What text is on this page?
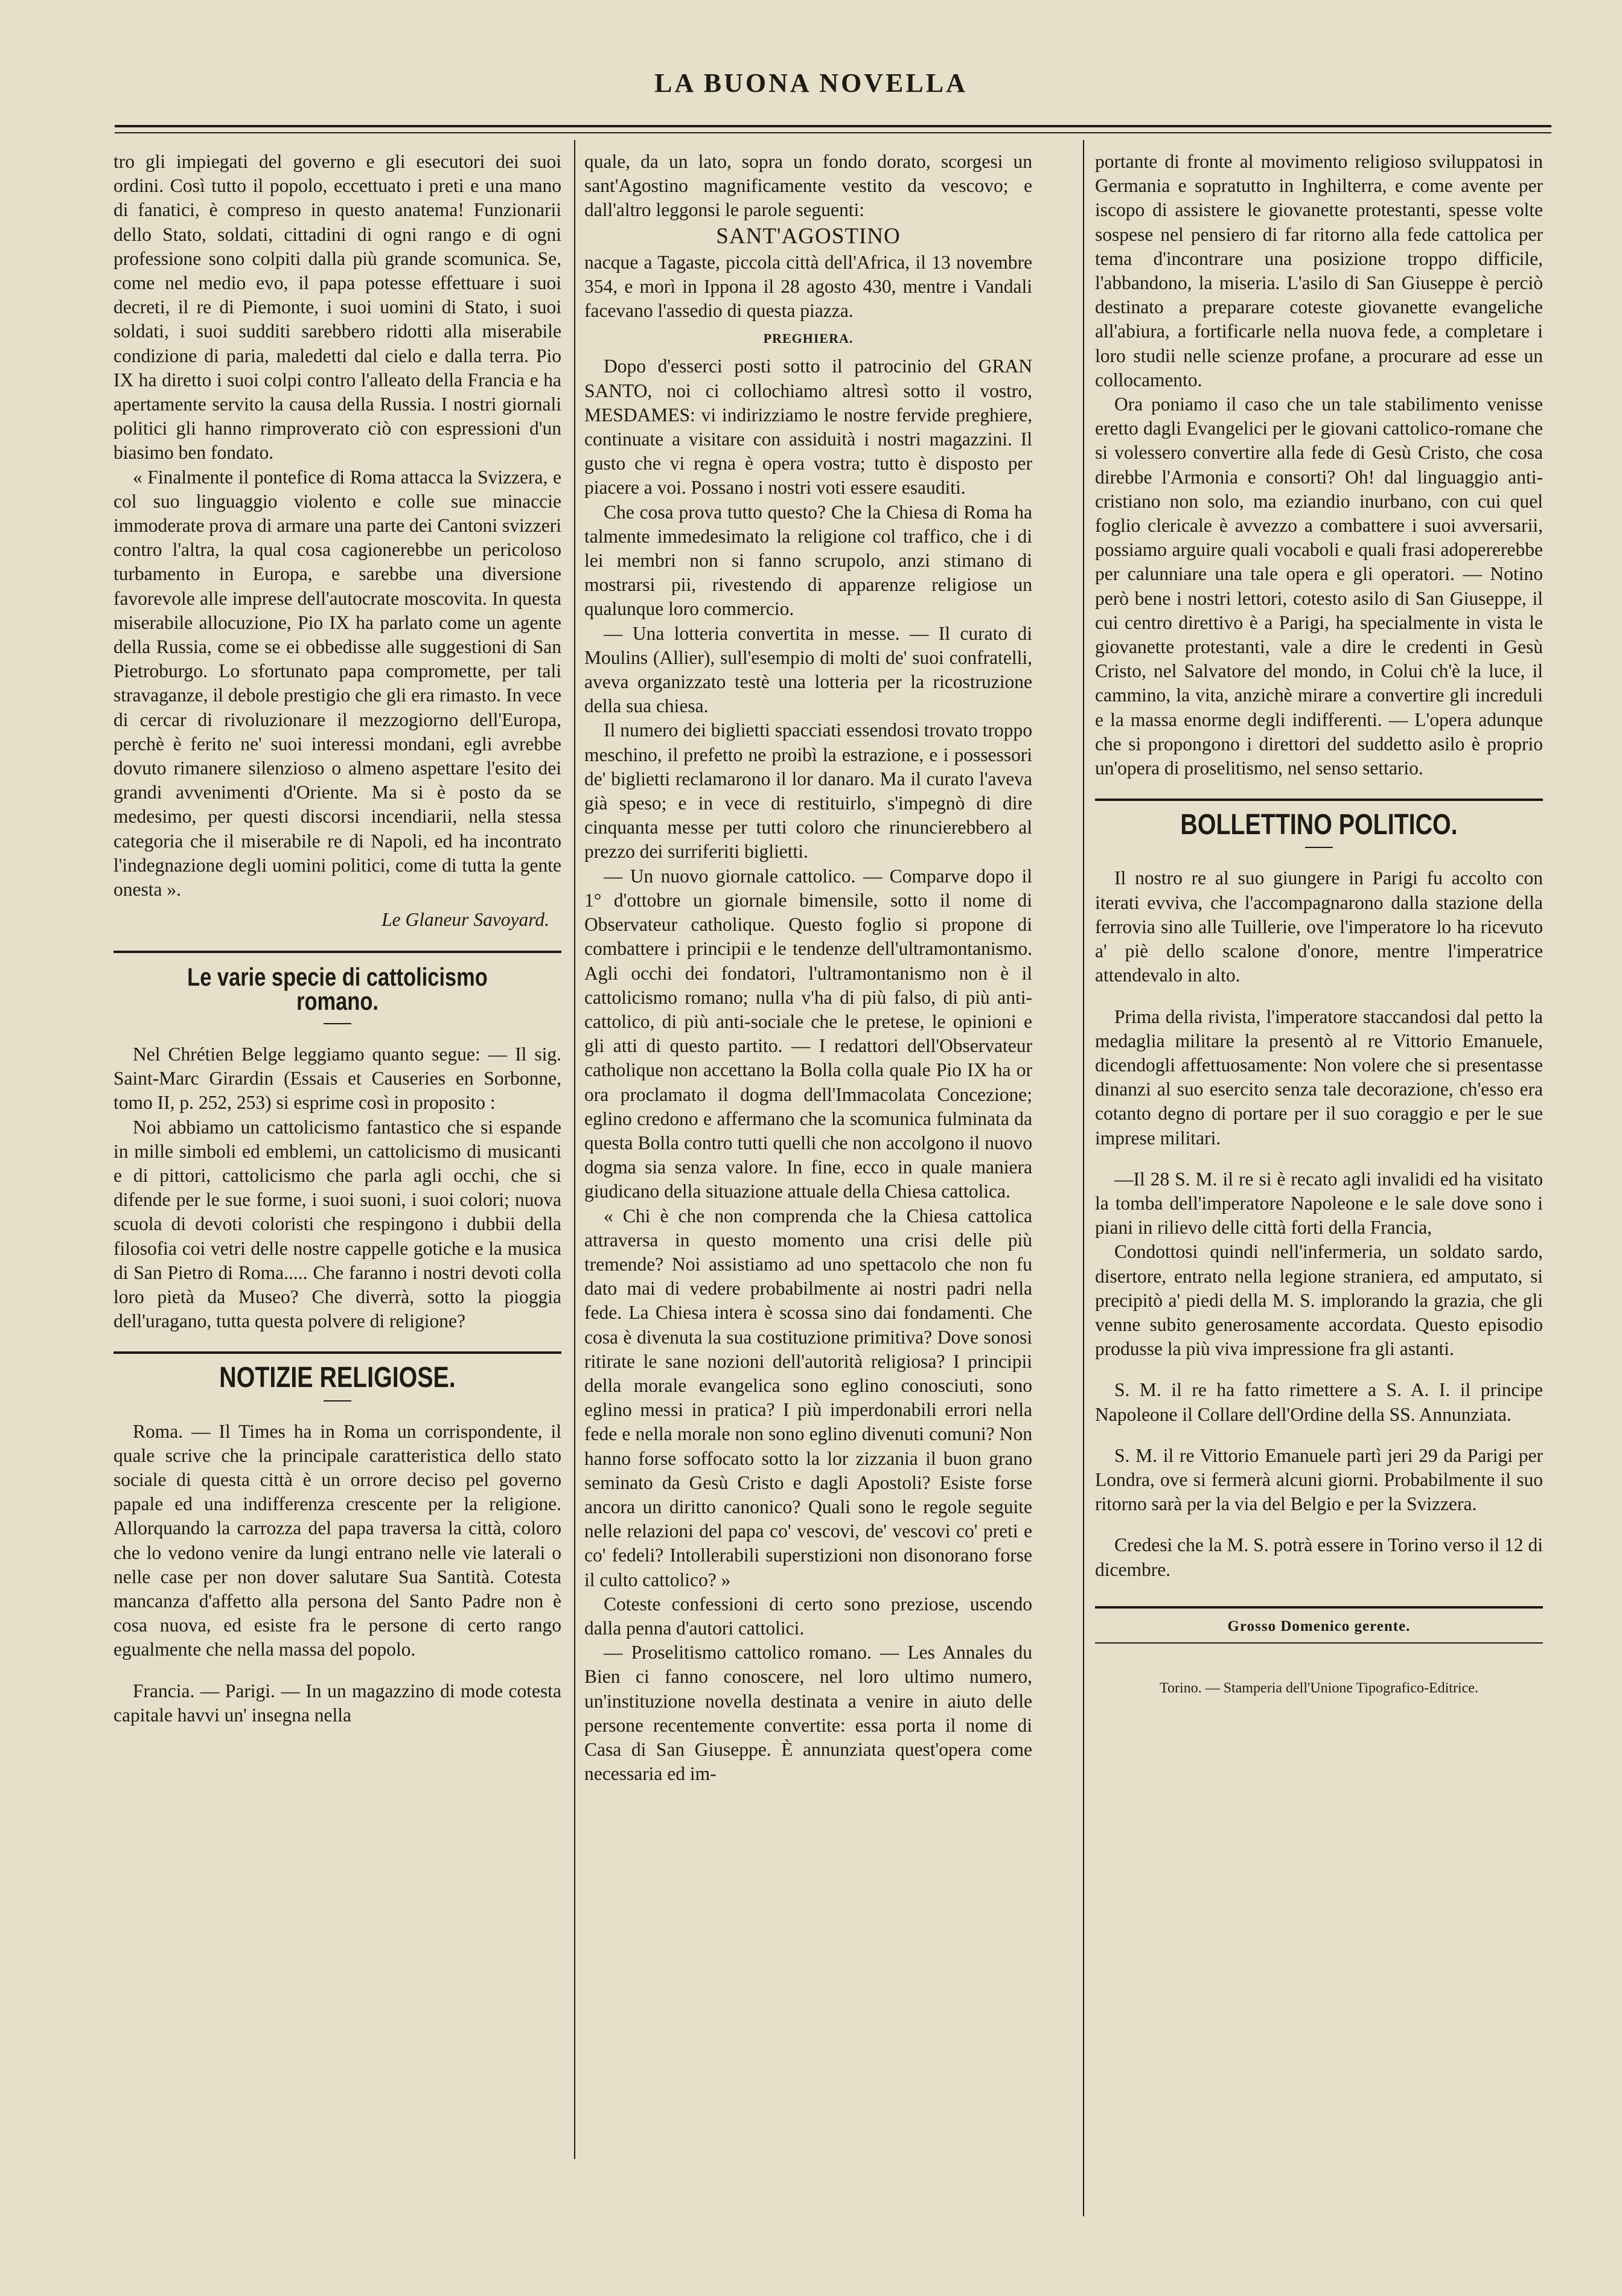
LA BUONA NOVELLA

tro gli impiegati del governo e gli esecutori dei suoi ordini. Così tutto il popolo, eccettuato i preti e una mano di fanatici, è compreso in questo anatema! Funzionarii dello Stato, soldati, cittadini di ogni rango e di ogni professione sono colpiti dalla più grande scomunica. Se, come nel medio evo, il papa potesse effettuare i suoi decreti, il re di Piemonte, i suoi uomini di Stato, i suoi soldati, i suoi sudditi sarebbero ridotti alla miserabile condizione di paria, maledetti dal cielo e dalla terra. Pio IX ha diretto i suoi colpi contro l'alleato della Francia e ha apertamente servito la causa della Russia. I nostri giornali politici gli hanno rimproverato ciò con espressioni d'un biasimo ben fondato.

« Finalmente il pontefice di Roma attacca la Svizzera, e col suo linguaggio violento e colle sue minaccie immoderate prova di armare una parte dei Cantoni svizzeri contro l'altra, la qual cosa cagionerebbe un pericoloso turbamento in Europa, e sarebbe una diversione favorevole alle imprese dell'autocrate moscovita. In questa miserabile allocuzione, Pio IX ha parlato come un agente della Russia, come se ei obbedisse alle suggestioni di San Pietroburgo. Lo sfortunato papa compromette, per tali stravaganze, il debole prestigio che gli era rimasto. In vece di cercar di rivoluzionare il mezzogiorno dell'Europa, perchè è ferito ne' suoi interessi mondani, egli avrebbe dovuto rimanere silenzioso o almeno aspettare l'esito dei grandi avvenimenti d'Oriente. Ma si è posto da se medesimo, per questi discorsi incendiarii, nella stessa categoria che il miserabile re di Napoli, ed ha incontrato l'indegnazione degli uomini politici, come di tutta la gente onesta ».

Le Glaneur Savoyard.
Le varie specie di cattolicismo romano.

Nel Chrétien Belge leggiamo quanto segue: — Il sig. Saint-Marc Girardin (Essais et Causeries en Sorbonne, tomo II, p. 252, 253) si esprime così in proposito :

Noi abbiamo un cattolicismo fantastico che si espande in mille simboli ed emblemi, un cattolicismo di musicanti e di pittori, cattolicismo che parla agli occhi, che si difende per le sue forme, i suoi suoni, i suoi colori; nuova scuola di devoti coloristi che respingono i dubbii della filosofia coi vetri delle nostre cappelle gotiche e la musica di San Pietro di Roma..... Che faranno i nostri devoti colla loro pietà da Museo? Che diverrà, sotto la pioggia dell'uragano, tutta questa polvere di religione?

NOTIZIE RELIGIOSE.

Roma. — Il Times ha in Roma un corrispondente, il quale scrive che la principale caratteristica dello stato sociale di questa città è un orrore deciso pel governo papale ed una indifferenza crescente per la religione. Allorquando la carrozza del papa traversa la città, coloro che lo vedono venire da lungi entrano nelle vie laterali o nelle case per non dover salutare Sua Santità. Cotesta mancanza d'affetto alla persona del Santo Padre non è cosa nuova, ed esiste fra le persone di certo rango egualmente che nella massa del popolo.

Francia. — Parigi. — In un magazzino di mode cotesta capitale havvi un' insegna nella

quale, da un lato, sopra un fondo dorato, scorgesi un sant'Agostino magnificamente vestito da vescovo; e dall'altro leggonsi le parole seguenti:

SANT'AGOSTINO

nacque a Tagaste, piccola città dell'Africa, il 13 novembre 354, e morì in Ippona il 28 agosto 430, mentre i Vandali facevano l'assedio di questa piazza.

PREGHIERA.

Dopo d'esserci posti sotto il patrocinio del GRAN SANTO, noi ci collochiamo altresì sotto il vostro, MESDAMES: vi indirizziamo le nostre fervide preghiere, continuate a visitare con assiduità i nostri magazzini. Il gusto che vi regna è opera vostra; tutto è disposto per piacere a voi. Possano i nostri voti essere esauditi.

Che cosa prova tutto questo? Che la Chiesa di Roma ha talmente immedesimato la religione col traffico, che i di lei membri non si fanno scrupolo, anzi stimano di mostrarsi pii, rivestendo di apparenze religiose un qualunque loro commercio.

— Una lotteria convertita in messe. — Il curato di Moulins (Allier), sull'esempio di molti de' suoi confratelli, aveva organizzato testè una lotteria per la ricostruzione della sua chiesa.

Il numero dei biglietti spacciati essendosi trovato troppo meschino, il prefetto ne proibì la estrazione, e i possessori de' biglietti reclamarono il lor danaro. Ma il curato l'aveva già speso; e in vece di restituirlo, s'impegnò di dire cinquanta messe per tutti coloro che rinuncierebbero al prezzo dei surriferiti biglietti.

— Un nuovo giornale cattolico. — Comparve dopo il 1° d'ottobre un giornale bimensile, sotto il nome di Observateur catholique. Questo foglio si propone di combattere i principii e le tendenze dell'ultramontanismo. Agli occhi dei fondatori, l'ultramontanismo non è il cattolicismo romano; nulla v'ha di più falso, di più anti-cattolico, di più anti-sociale che le pretese, le opinioni e gli atti di questo partito. — I redattori dell'Observateur catholique non accettano la Bolla colla quale Pio IX ha or ora proclamato il dogma dell'Immacolata Concezione; eglino credono e affermano che la scomunica fulminata da questa Bolla contro tutti quelli che non accolgono il nuovo dogma sia senza valore. In fine, ecco in quale maniera giudicano della situazione attuale della Chiesa cattolica.

« Chi è che non comprenda che la Chiesa cattolica attraversa in questo momento una crisi delle più tremende? Noi assistiamo ad uno spettacolo che non fu dato mai di vedere probabilmente ai nostri padri nella fede. La Chiesa intera è scossa sino dai fondamenti. Che cosa è divenuta la sua costituzione primitiva? Dove sonosi ritirate le sane nozioni dell'autorità religiosa? I principii della morale evangelica sono eglino conosciuti, sono eglino messi in pratica? I più imperdonabili errori nella fede e nella morale non sono eglino divenuti comuni? Non hanno forse soffocato sotto la lor zizzania il buon grano seminato da Gesù Cristo e dagli Apostoli? Esiste forse ancora un diritto canonico? Quali sono le regole seguite nelle relazioni del papa co' vescovi, de' vescovi co' preti e co' fedeli? Intollerabili superstizioni non disonorano forse il culto cattolico? »

Coteste confessioni di certo sono preziose, uscendo dalla penna d'autori cattolici.

— Proselitismo cattolico romano. — Les Annales du Bien ci fanno conoscere, nel loro ultimo numero, un'instituzione novella destinata a venire in aiuto delle persone recentemente convertite: essa porta il nome di Casa di San Giuseppe. È annunziata quest'opera come necessaria ed im-

portante di fronte al movimento religioso sviluppatosi in Germania e sopratutto in Inghilterra, e come avente per iscopo di assistere le giovanette protestanti, spesse volte sospese nel pensiero di far ritorno alla fede cattolica per tema d'incontrare una posizione troppo difficile, l'abbandono, la miseria. L'asilo di San Giuseppe è perciò destinato a preparare coteste giovanette evangeliche all'abiura, a fortificarle nella nuova fede, a completare i loro studii nelle scienze profane, a procurare ad esse un collocamento.

Ora poniamo il caso che un tale stabilimento venisse eretto dagli Evangelici per le giovani cattolico-romane che si volessero convertire alla fede di Gesù Cristo, che cosa direbbe l'Armonia e consorti? Oh! dal linguaggio anti-cristiano non solo, ma eziandio inurbano, con cui quel foglio clericale è avvezzo a combattere i suoi avversarii, possiamo arguire quali vocaboli e quali frasi adopererebbe per calunniare una tale opera e gli operatori. — Notino però bene i nostri lettori, cotesto asilo di San Giuseppe, il cui centro direttivo è a Parigi, ha specialmente in vista le giovanette protestanti, vale a dire le credenti in Gesù Cristo, nel Salvatore del mondo, in Colui ch'è la luce, il cammino, la vita, anzichè mirare a convertire gli increduli e la massa enorme degli indifferenti. — L'opera adunque che si propongono i direttori del suddetto asilo è proprio un'opera di proselitismo, nel senso settario.

BOLLETTINO POLITICO.

Il nostro re al suo giungere in Parigi fu accolto con iterati evviva, che l'accompagnarono dalla stazione della ferrovia sino alle Tuillerie, ove l'imperatore lo ha ricevuto a' piè dello scalone d'onore, mentre l'imperatrice attendevalo in alto.

Prima della rivista, l'imperatore staccandosi dal petto la medaglia militare la presentò al re Vittorio Emanuele, dicendogli affettuosamente: Non volere che si presentasse dinanzi al suo esercito senza tale decorazione, ch'esso era cotanto degno di portare per il suo coraggio e per le sue imprese militari.

—Il 28 S. M. il re si è recato agli invalidi ed ha visitato la tomba dell'imperatore Napoleone e le sale dove sono i piani in rilievo delle città forti della Francia,

Condottosi quindi nell'infermeria, un soldato sardo, disertore, entrato nella legione straniera, ed amputato, si precipitò a' piedi della M. S. implorando la grazia, che gli venne subito generosamente accordata. Questo episodio produsse la più viva impressione fra gli astanti.

S. M. il re ha fatto rimettere a S. A. I. il principe Napoleone il Collare dell'Ordine della SS. Annunziata.

S. M. il re Vittorio Emanuele partì jeri 29 da Parigi per Londra, ove si fermerà alcuni giorni. Probabilmente il suo ritorno sarà per la via del Belgio e per la Svizzera.

Credesi che la M. S. potrà essere in Torino verso il 12 di dicembre.

Grosso Domenico gerente.
Torino. — Stamperia dell'Unione Tipografico-Editrice.
